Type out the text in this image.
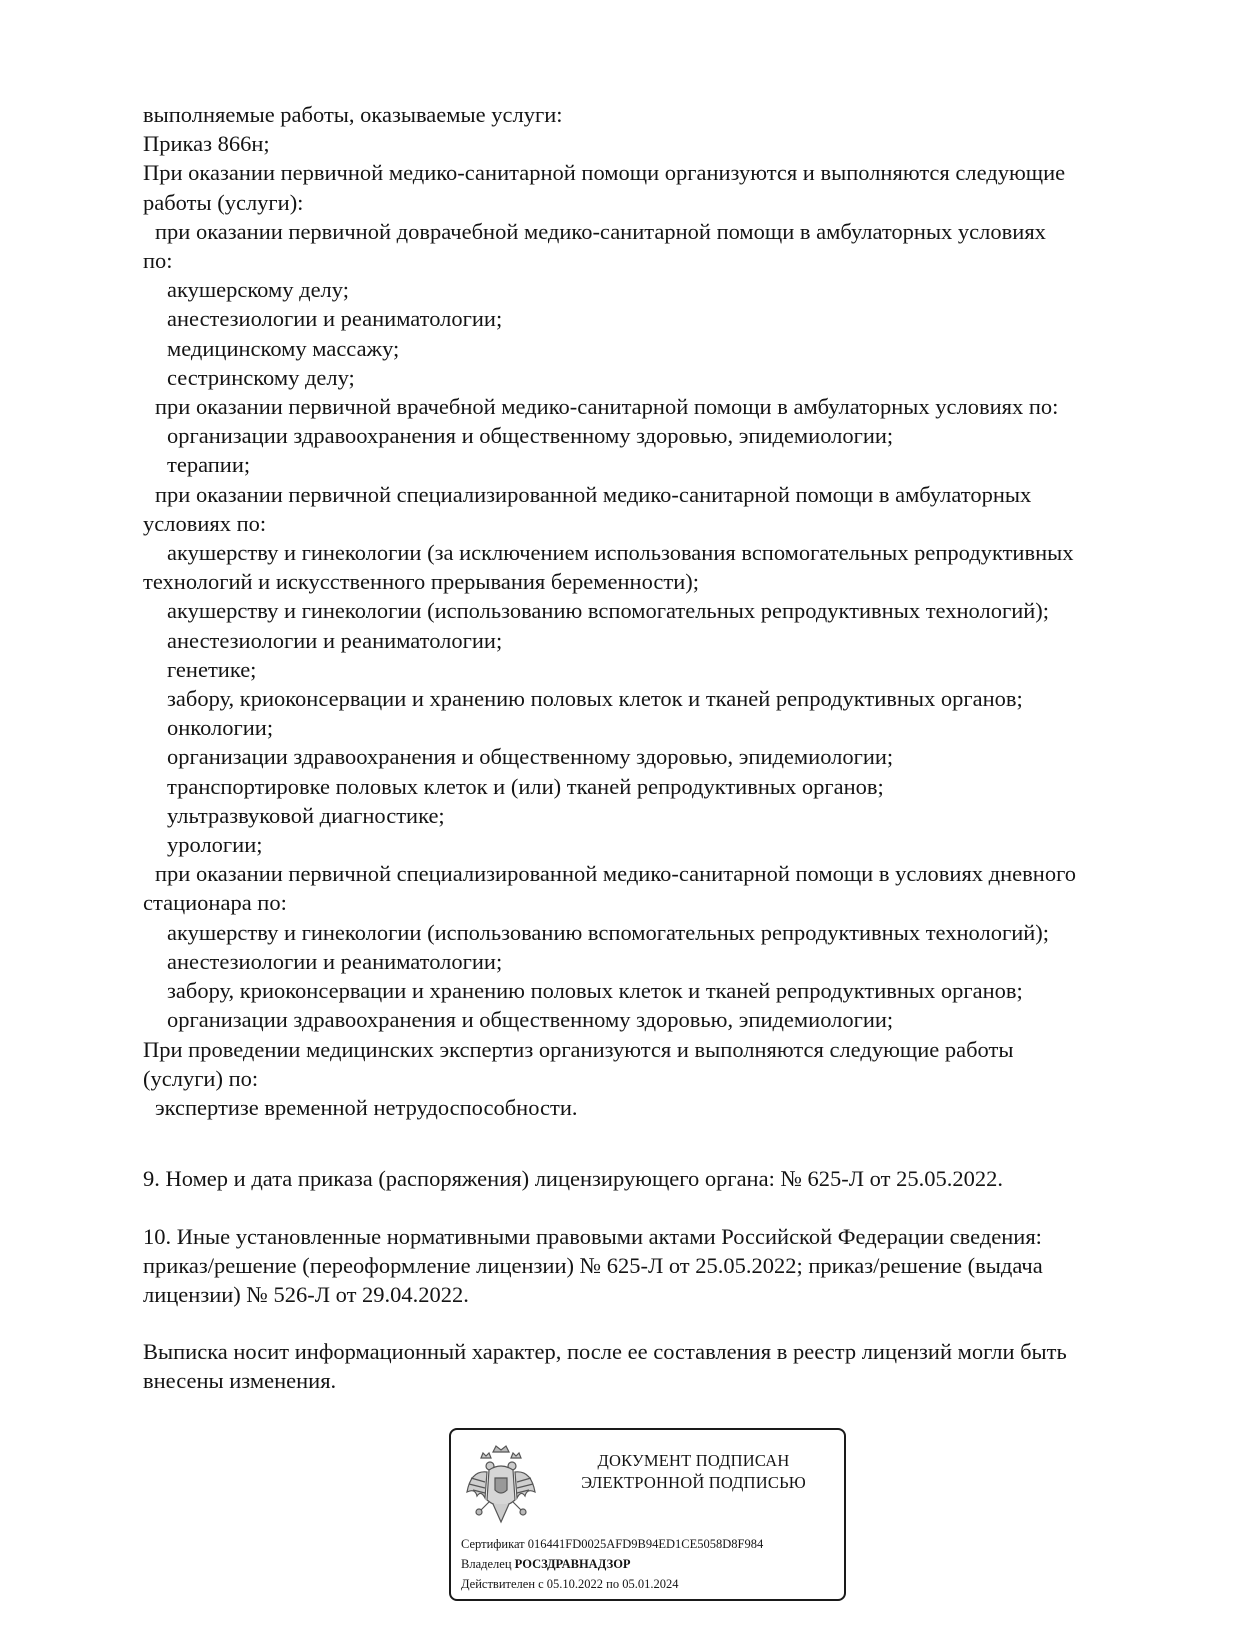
выполняемые работы, оказываемые услуги:
Приказ 866н;
При оказании первичной медико-санитарной помощи организуются и выполняются следующие
работы (услуги):
при оказании первичной доврачебной медико-санитарной помощи в амбулаторных условиях
по:
акушерскому делу;
анестезиологии и реаниматологии;
медицинскому массажу;
сестринскому делу;
при оказании первичной врачебной медико-санитарной помощи в амбулаторных условиях по:
организации здравоохранения и общественному здоровью, эпидемиологии;
терапии;
при оказании первичной специализированной медико-санитарной помощи в амбулаторных
условиях по:
акушерству и гинекологии (за исключением использования вспомогательных репродуктивных
технологий и искусственного прерывания беременности);
акушерству и гинекологии (использованию вспомогательных репродуктивных технологий);
анестезиологии и реаниматологии;
генетике;
забору, криоконсервации и хранению половых клеток и тканей репродуктивных органов;
онкологии;
организации здравоохранения и общественному здоровью, эпидемиологии;
транспортировке половых клеток и (или) тканей репродуктивных органов;
ультразвуковой диагностике;
урологии;
при оказании первичной специализированной медико-санитарной помощи в условиях дневного
стационара по:
акушерству и гинекологии (использованию вспомогательных репродуктивных технологий);
анестезиологии и реаниматологии;
забору, криоконсервации и хранению половых клеток и тканей репродуктивных органов;
организации здравоохранения и общественному здоровью, эпидемиологии;
При проведении медицинских экспертиз организуются и выполняются следующие работы
(услуги) по:
экспертизе временной нетрудоспособности.
9. Номер и дата приказа (распоряжения) лицензирующего органа: № 625-Л от 25.05.2022.
10. Иные установленные нормативными правовыми актами Российской Федерации сведения:
приказ/решение (переоформление лицензии) № 625-Л от 25.05.2022; приказ/решение (выдача
лицензии) № 526-Л от 29.04.2022.
Выписка носит информационный характер, после ее составления в реестр лицензий могли быть
внесены изменения.
ДОКУМЕНТ ПОДПИСАН
ЭЛЕКТРОННОЙ ПОДПИСЬЮ
Сертификат 016441FD0025AFD9B94ED1CE5058D8F984
Владелец РОСЗДРАВНАДЗОР
Действителен с 05.10.2022 по 05.01.2024
